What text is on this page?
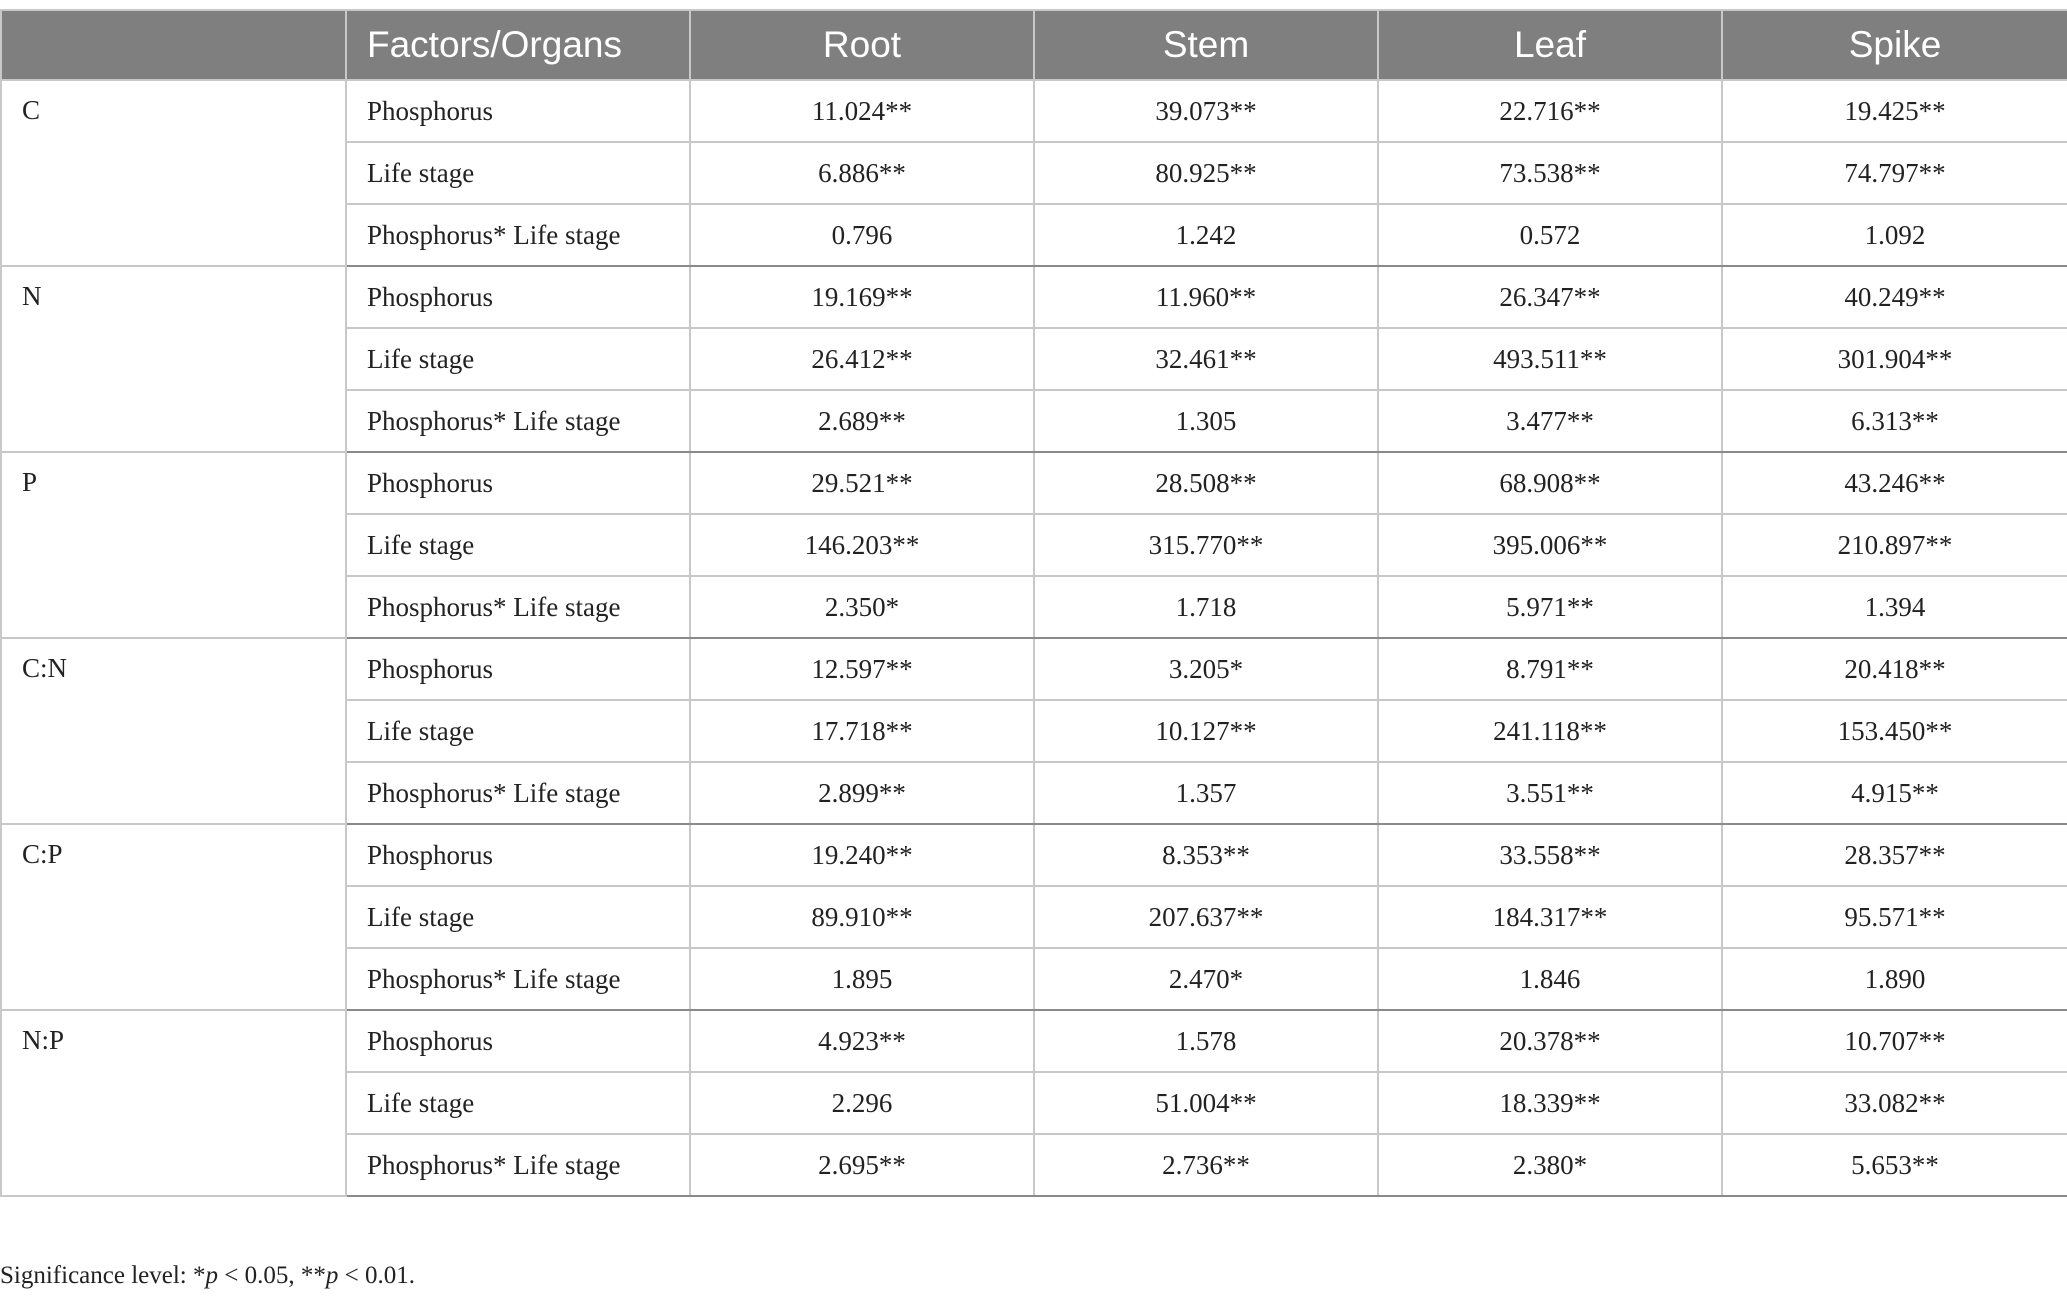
	Factors/Organs	Root	Stem	Leaf	Spike
C	Phosphorus	11.024**	39.073**	22.716**	19.425**
	Life stage	6.886**	80.925**	73.538**	74.797**
	Phosphorus* Life stage	0.796	1.242	0.572	1.092
N	Phosphorus	19.169**	11.960**	26.347**	40.249**
	Life stage	26.412**	32.461**	493.511**	301.904**
	Phosphorus* Life stage	2.689**	1.305	3.477**	6.313**
P	Phosphorus	29.521**	28.508**	68.908**	43.246**
	Life stage	146.203**	315.770**	395.006**	210.897**
	Phosphorus* Life stage	2.350*	1.718	5.971**	1.394
C:N	Phosphorus	12.597**	3.205*	8.791**	20.418**
	Life stage	17.718**	10.127**	241.118**	153.450**
	Phosphorus* Life stage	2.899**	1.357	3.551**	4.915**
C:P	Phosphorus	19.240**	8.353**	33.558**	28.357**
	Life stage	89.910**	207.637**	184.317**	95.571**
	Phosphorus* Life stage	1.895	2.470*	1.846	1.890
N:P	Phosphorus	4.923**	1.578	20.378**	10.707**
	Life stage	2.296	51.004**	18.339**	33.082**
	Phosphorus* Life stage	2.695**	2.736**	2.380*	5.653**
Significance level: *p < 0.05, **p < 0.01.
